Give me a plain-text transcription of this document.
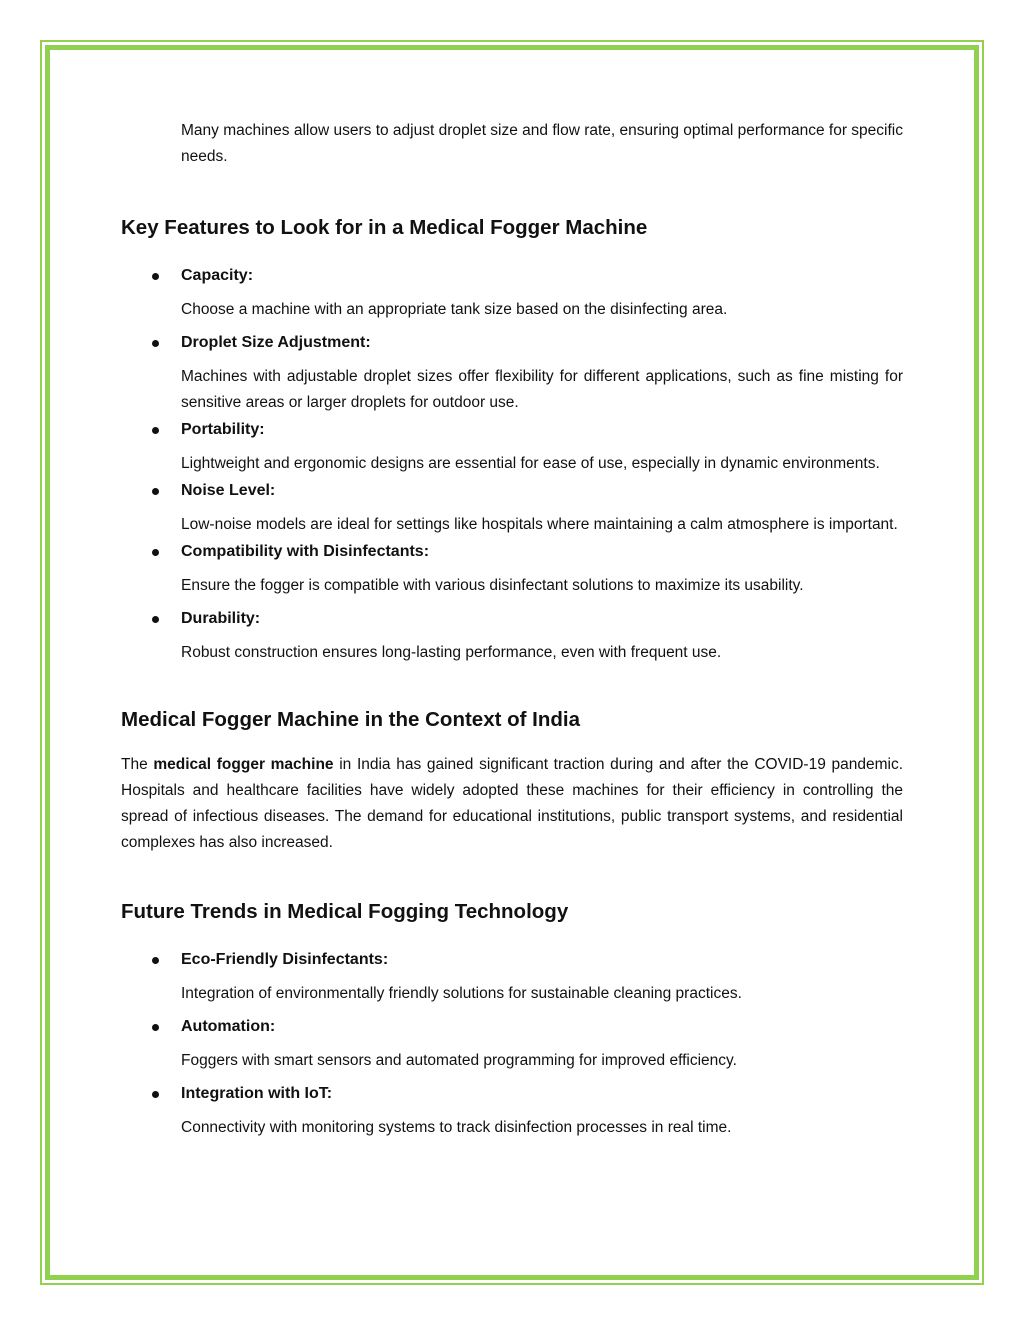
Many machines allow users to adjust droplet size and flow rate, ensuring optimal performance for specific needs.

Key Features to Look for in a Medical Fogger Machine
Capacity:

Choose a machine with an appropriate tank size based on the disinfecting area.

Droplet Size Adjustment:

Machines with adjustable droplet sizes offer flexibility for different applications, such as fine misting for sensitive areas or larger droplets for outdoor use.

Portability:

Lightweight and ergonomic designs are essential for ease of use, especially in dynamic environments.

Noise Level:

Low-noise models are ideal for settings like hospitals where maintaining a calm atmosphere is important.

Compatibility with Disinfectants:

Ensure the fogger is compatible with various disinfectant solutions to maximize its usability.

Durability:

Robust construction ensures long-lasting performance, even with frequent use.

Medical Fogger Machine in the Context of India

The medical fogger machine in India has gained significant traction during and after the COVID-19 pandemic. Hospitals and healthcare facilities have widely adopted these machines for their efficiency in controlling the spread of infectious diseases. The demand for educational institutions, public transport systems, and residential complexes has also increased.

Future Trends in Medical Fogging Technology
Eco-Friendly Disinfectants:

Integration of environmentally friendly solutions for sustainable cleaning practices.

Automation:

Foggers with smart sensors and automated programming for improved efficiency.

Integration with IoT:

Connectivity with monitoring systems to track disinfection processes in real time.
